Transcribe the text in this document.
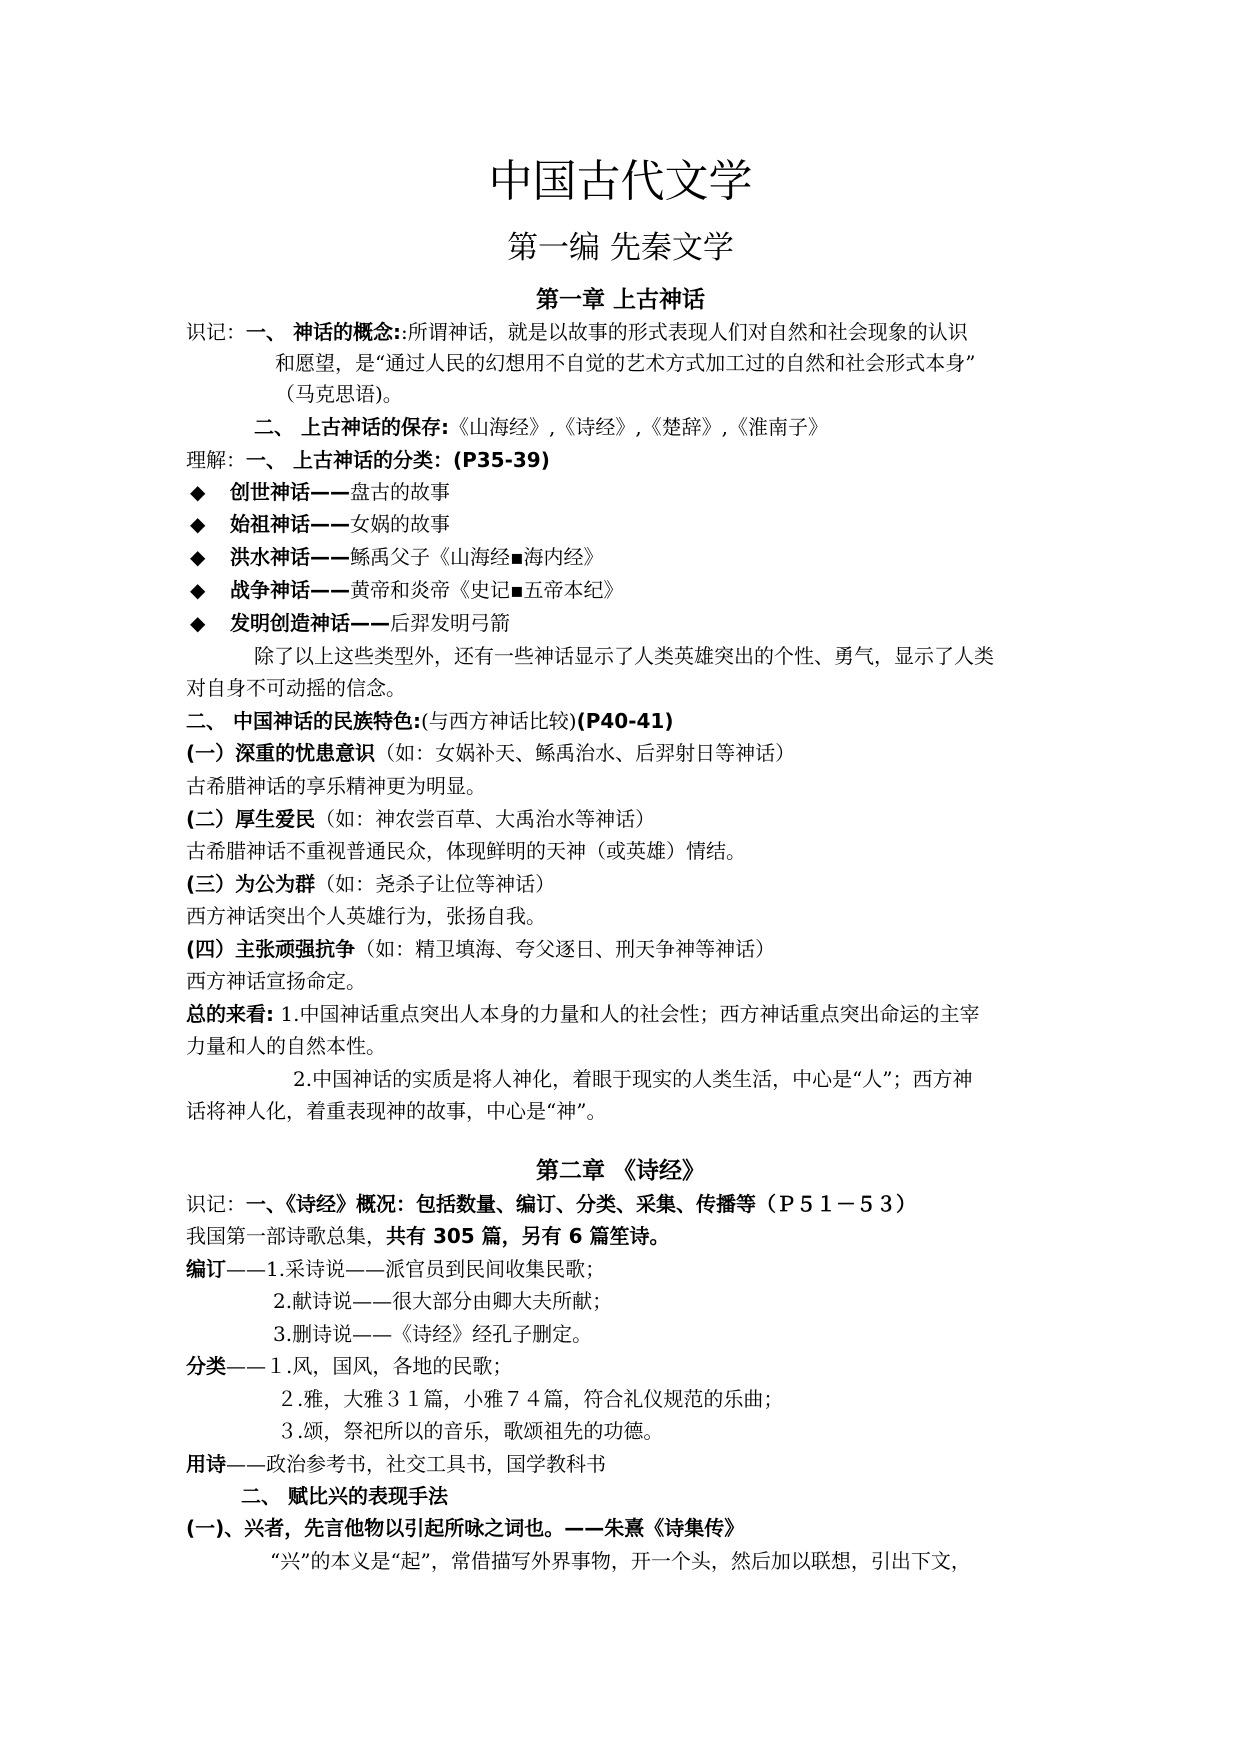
中国古代文学
第一编 先秦文学
第一章 上古神话
识记：一、 神话的概念::所谓神话，就是以故事的形式表现人们对自然和社会现象的认识
和愿望，是“通过人民的幻想用不自觉的艺术方式加工过的自然和社会形式本身”
（马克思语)。
二、 上古神话的保存:《山海经》,《诗经》,《楚辞》,《淮南子》
理解：一、 上古神话的分类：(P35-39)
◆ 创世神话——盘古的故事
◆ 始祖神话——女娲的故事
◆ 洪水神话——鲧禹父子《山海经▪海内经》
◆ 战争神话——黄帝和炎帝《史记▪五帝本纪》
◆ 发明创造神话——后羿发明弓箭
除了以上这些类型外，还有一些神话显示了人类英雄突出的个性、勇气，显示了人类
对自身不可动摇的信念。
二、 中国神话的民族特色:(与西方神话比较)(P40-41)
(一）深重的忧患意识（如：女娲补天、鲧禹治水、后羿射日等神话）
古希腊神话的享乐精神更为明显。
(二）厚生爱民（如：神农尝百草、大禹治水等神话）
古希腊神话不重视普通民众，体现鲜明的天神（或英雄）情结。
(三）为公为群（如：尧杀子让位等神话）
西方神话突出个人英雄行为，张扬自我。
(四）主张顽强抗争（如：精卫填海、夸父逐日、刑天争神等神话）
西方神话宣扬命定。
总的来看: 1.中国神话重点突出人本身的力量和人的社会性；西方神话重点突出命运的主宰
力量和人的自然本性。
2.中国神话的实质是将人神化，着眼于现实的人类生活，中心是“人”；西方神
话将神人化，着重表现神的故事，中心是“神”。
第二章 《诗经》
识记：一、《诗经》概况：包括数量、编订、分类、采集、传播等（Ｐ５１－５３）
我国第一部诗歌总集，共有 305 篇，另有 6 篇笙诗。
编订——1.采诗说——派官员到民间收集民歌；
2.献诗说——很大部分由卿大夫所献；
3.删诗说——《诗经》经孔子删定。
分类——１.风，国风，各地的民歌；
２.雅，大雅３１篇，小雅７４篇，符合礼仪规范的乐曲；
３.颂，祭祀所以的音乐，歌颂祖先的功德。
用诗——政治参考书，社交工具书，国学教科书
二、 赋比兴的表现手法
(一)、兴者，先言他物以引起所咏之词也。——朱熹《诗集传》
“兴”的本义是“起”，常借描写外界事物，开一个头，然后加以联想，引出下文，
